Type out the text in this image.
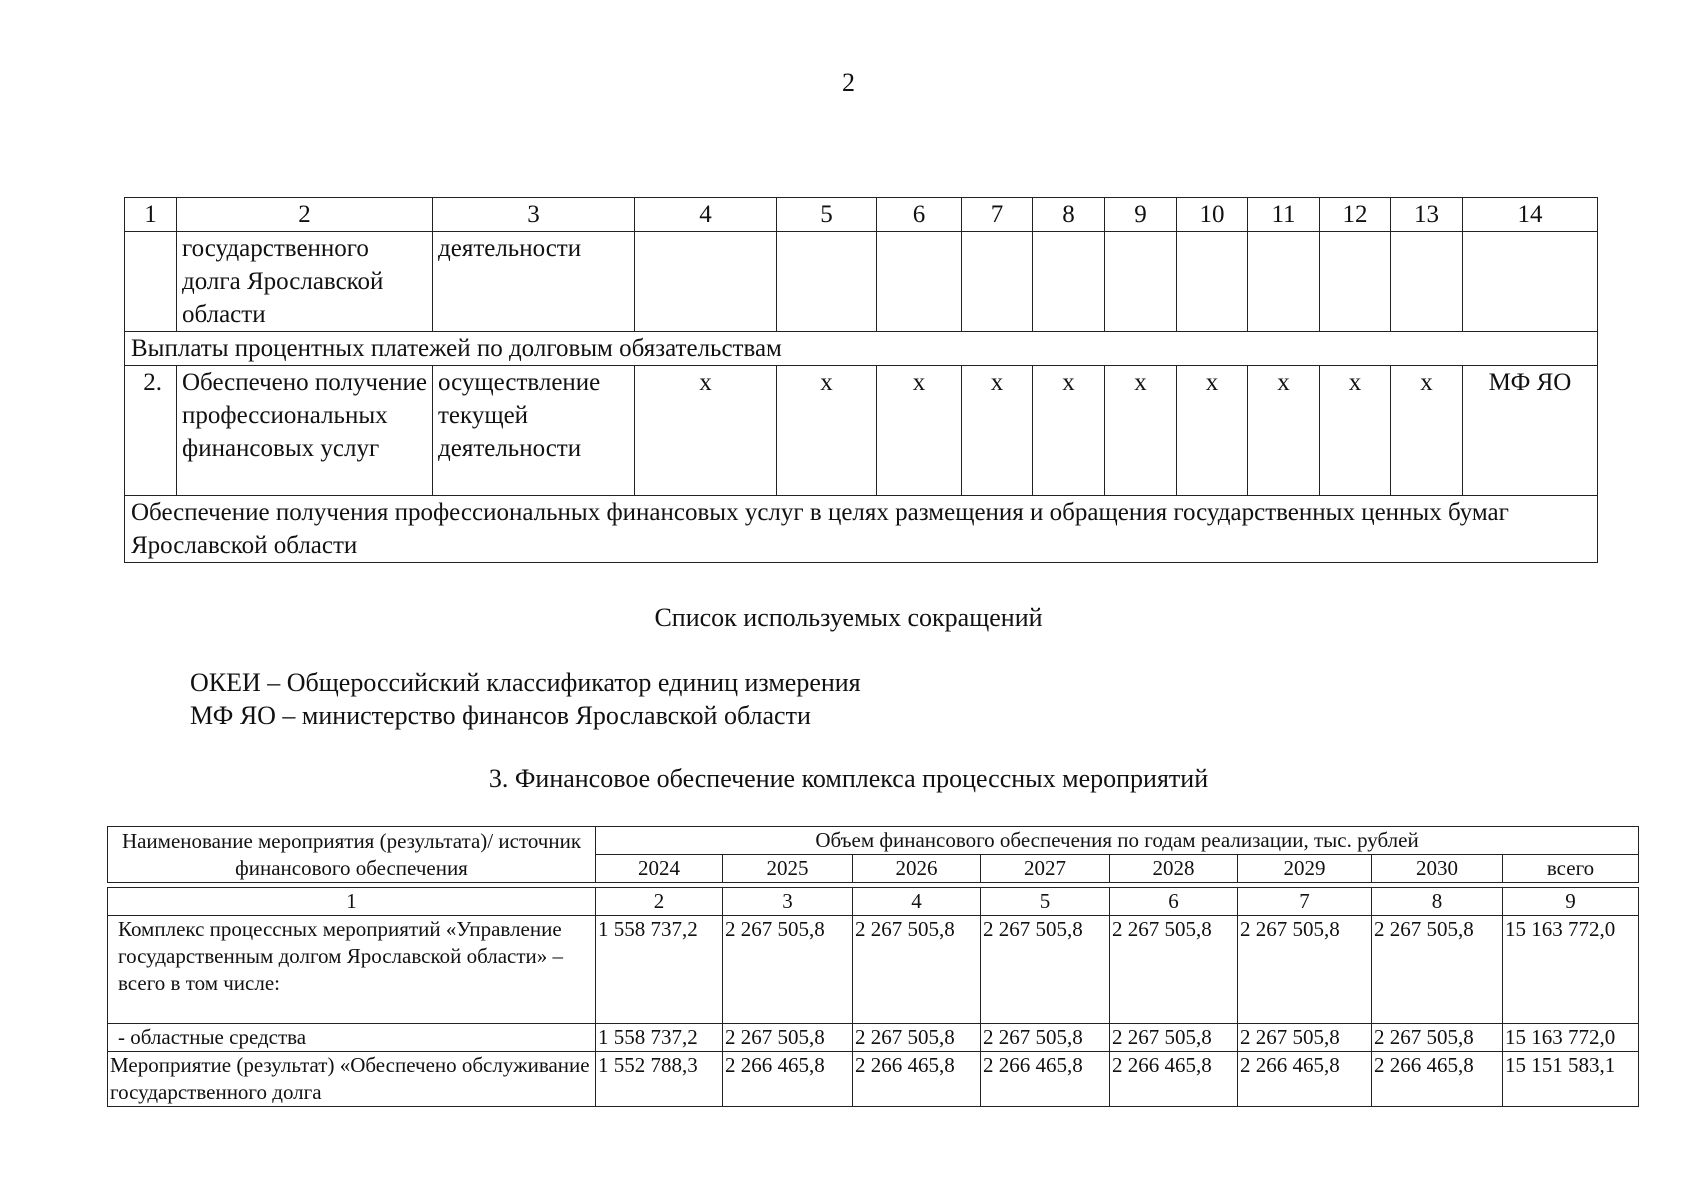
2
1	2	3	4	5	6	7	8	9	10	11	12	13	14
	государственного долга Ярославской области	деятельности											
Выплаты процентных платежей по долговым обязательствам													
2.	Обеспечено получение профессиональных финансовых услуг	осуществление текущей деятельности	х	х	х	х	х	х	х	х	х	х	МФ ЯО
Обеспечение получения профессиональных финансовых услуг в целях размещения и обращения государственных ценных бумаг Ярославской области													
Список используемых сокращений
ОКЕИ – Общероссийский классификатор единиц измерения
МФ ЯО – министерство финансов Ярославской области
3. Финансовое обеспечение комплекса процессных мероприятий
Наименование мероприятия (результата)/ источник финансового обеспечения	Объем финансового обеспечения по годам реализации, тыс. рублей							
	2024	2025	2026	2027	2028	2029	2030	всего

1	2	3	4	5	6	7	8	9
Комплекс процессных мероприятий «Управление государственным долгом Ярославской области» – всего в том числе:	1 558 737,2	2 267 505,8	2 267 505,8	2 267 505,8	2 267 505,8	2 267 505,8	2 267 505,8	15 163 772,0
- областные средства	1 558 737,2	2 267 505,8	2 267 505,8	2 267 505,8	2 267 505,8	2 267 505,8	2 267 505,8	15 163 772,0
Мероприятие (результат) «Обеспечено обслуживание государственного долга	1 552 788,3	2 266 465,8	2 266 465,8	2 266 465,8	2 266 465,8	2 266 465,8	2 266 465,8	15 151 583,1
